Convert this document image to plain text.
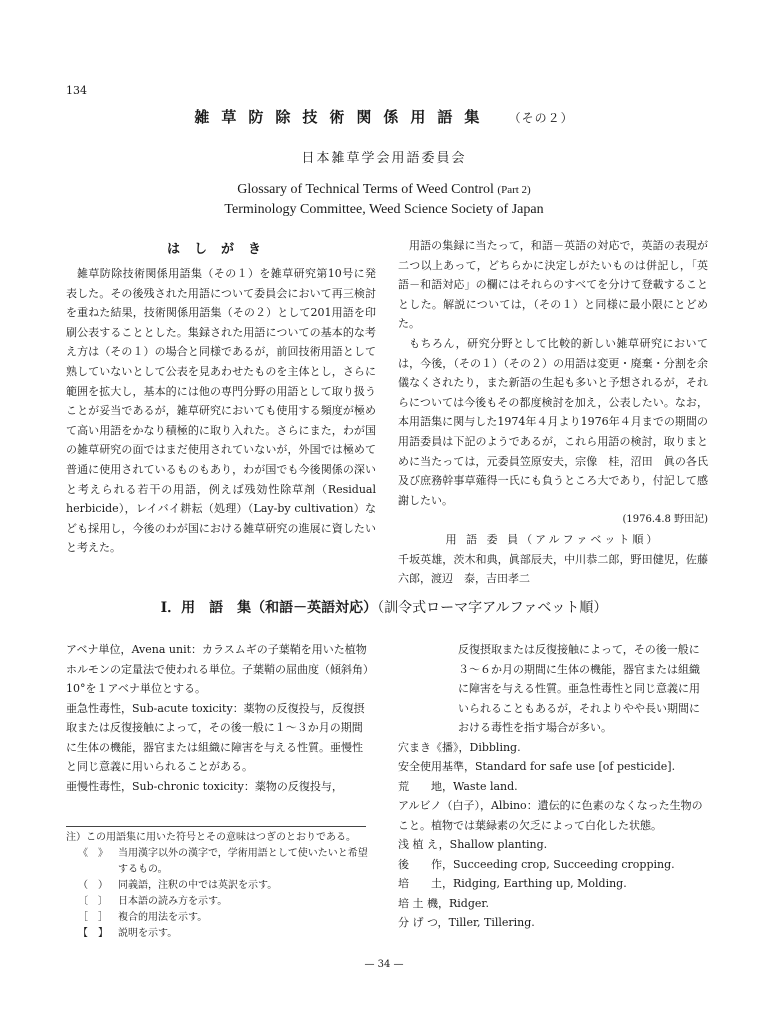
134
雑草防除技術関係用語集 （その２）
日本雑草学会用語委員会
Glossary of Technical Terms of Weed Control (Part 2)
Terminology Committee, Weed Science Society of Japan
はしがき

雑草防除技術関係用語集（その１）を雑草研究第10号に発表した。その後残された用語について委員会において再三検討を重ねた結果，技術関係用語集（その２）として201用語を印刷公表することとした。集録された用語についての基本的な考え方は（その１）の場合と同様であるが，前回技術用語として熟していないとして公表を見あわせたものを主体とし，さらに範囲を拡大し，基本的には他の専門分野の用語として取り扱うことが妥当であるが，雑草研究においても使用する頻度が極めて高い用語をかなり積極的に取り入れた。さらにまた，わが国の雑草研究の面ではまだ使用されていないが，外国では極めて普通に使用されているものもあり，わが国でも今後関係の深いと考えられる若干の用語，例えば残効性除草剤（Residual herbicide），レイバイ耕耘（処理）（Lay-by cultivation）なども採用し，今後のわが国における雑草研究の進展に資したいと考えた。

用語の集録に当たって，和語－英語の対応で，英語の表現が二つ以上あって，どちらかに決定しがたいものは併記し，「英語－和語対応」の欄にはそれらのすべてを分けて登載することとした。解説については，（その１）と同様に最小限にとどめた。

もちろん，研究分野として比較的新しい雑草研究においては，今後，（その１）（その２）の用語は変更・廃棄・分割を余儀なくされたり，また新語の生起も多いと予想されるが，それらについては今後もその都度検討を加え，公表したい。なお，本用語集に関与した1974年４月より1976年４月までの期間の用語委員は下記のようであるが，これら用語の検討，取りまとめに当たっては，元委員笠原安夫，宗像　桂，沼田　眞の各氏及び庶務幹事草薙得一氏にも負うところ大であり，付記して感謝したい。

(1976.4.8 野田記)

用 語 委 員（アルファベット順）

千坂英雄，茨木和典，眞部辰夫，中川恭二郎，野田健児，佐藤六郎，渡辺　泰，吉田孝二

Ⅰ．用　語　集（和語－英語対応）（訓令式ローマ字アルファベット順）
アベナ単位，Avena unit：カラスムギの子葉鞘を用いた植物ホルモンの定量法で使われる単位。子葉鞘の屈曲度（傾斜角）10°を１アベナ単位とする。
亜急性毒性，Sub-acute toxicity：薬物の反復投与，反復摂取または反復接触によって，その後一般に１～３か月の期間に生体の機能，器官または組織に障害を与える性質。亜慢性と同じ意義に用いられることがある。
亜慢性毒性，Sub-chronic toxicity：薬物の反復投与，
注）この用語集に用いた符号とその意味はつぎのとおりである。
《　》	当用漢字以外の漢字で，学術用語として使いたいと希望するもの。
（　）	同義語，注釈の中では英訳を示す。
〔　〕	日本語の読み方を示す。
［　］	複合的用法を示す。
【　】	説明を示す。
反復摂取または反復接触によって，その後一般に３～６か月の期間に生体の機能，器官または組織に障害を与える性質。亜急性毒性と同じ意義に用いられることもあるが，それよりやや長い期間における毒性を指す場合が多い。
穴まき《播》，Dibbling.
安全使用基準，Standard for safe use [of pesticide].
荒　　地，Waste land.
アルビノ（白子），Albino：遺伝的に色素のなくなった生物のこと。植物では葉緑素の欠乏によって白化した状態。
浅 植 え，Shallow planting.
後　　作，Succeeding crop, Succeeding cropping.
培　　土，Ridging, Earthing up, Molding.
培 土 機，Ridger.
分 げ つ，Tiller, Tillering.
— 34 —
